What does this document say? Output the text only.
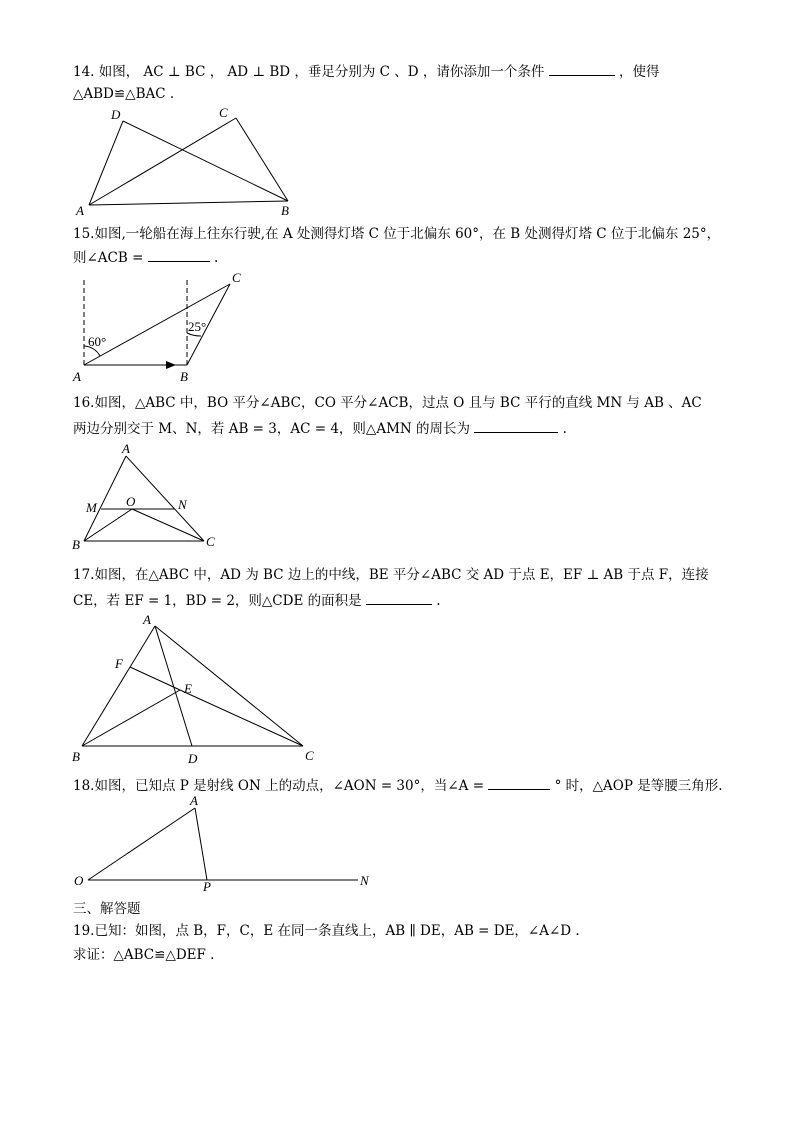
14. 如图， AC ⊥ BC ， AD ⊥ BD ，垂足分别为 C 、D ，请你添加一个条件	，使得
△ABD≌△BAC .
A	B
C
D
15.如图,一轮船在海上往东行驶,在 A 处测得灯塔 C 位于北偏东 60°，在 B 处测得灯塔 C 位于北偏东 25°，
则∠ACB =	.
A	B
C
60°
25°
16.如图，△ABC 中，BO 平分∠ABC，CO 平分∠ACB，过点 O 且与 BC 平行的直线 MN 与 AB 、AC
两边分别交于 M、N，若 AB = 3，AC = 4，则△AMN 的周长为	.
A
B	C
M	N
O
17.如图，在△ABC 中，AD 为 BC 边上的中线，BE 平分∠ABC 交 AD 于点 E，EF ⊥ AB 于点 F，连接
CE，若 EF = 1，BD = 2，则△CDE 的面积是	.
A
B	C
D
E
F
18.如图，已知点 P 是射线 ON 上的动点，∠AON = 30°，当∠A =	° 时，△AOP 是等腰三角形.
A
O	P	N
三、解答题
19.已知：如图，点 B，F，C，E 在同一条直线上，AB ∥ DE，AB = DE，∠A∠D .
求证：△ABC≌△DEF .
